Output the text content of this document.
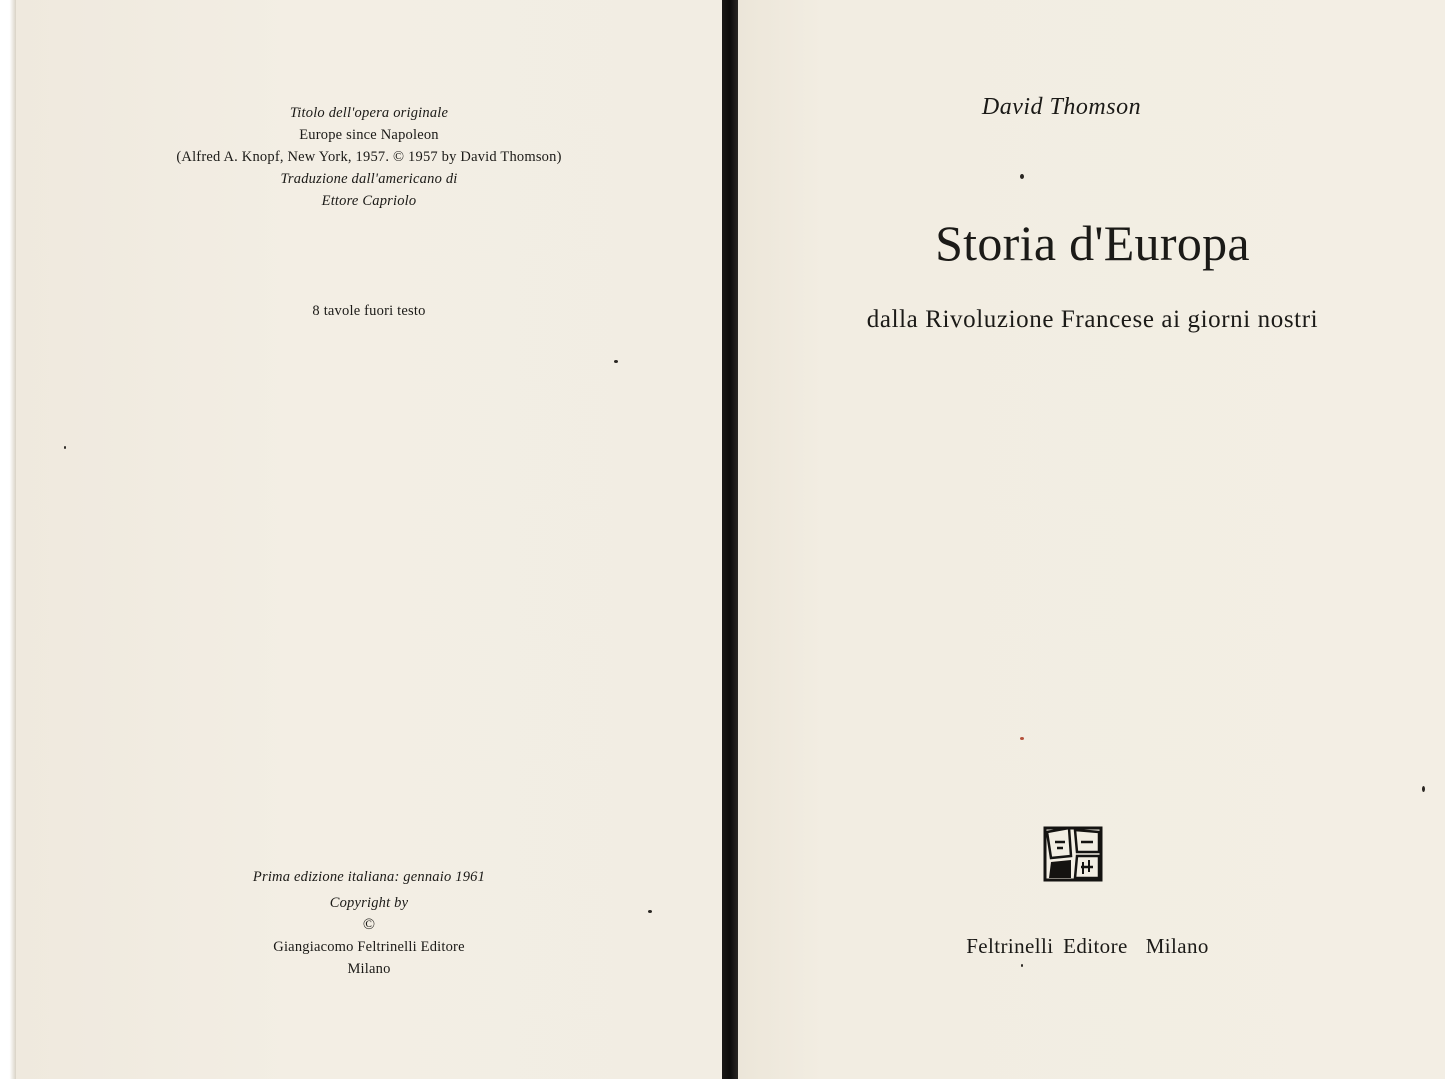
Titolo dell'opera originale
Europe since Napoleon
(Alfred A. Knopf, New York, 1957. © 1957 by David Thomson)
Traduzione dall'americano di
Ettore Capriolo
8 tavole fuori testo
Prima edizione italiana: gennaio 1961
Copyright by
©
Giangiacomo Feltrinelli Editore
Milano
David Thomson
Storia d'Europa
dalla Rivoluzione Francese ai giorni nostri
Feltrinelli Editore Milano
